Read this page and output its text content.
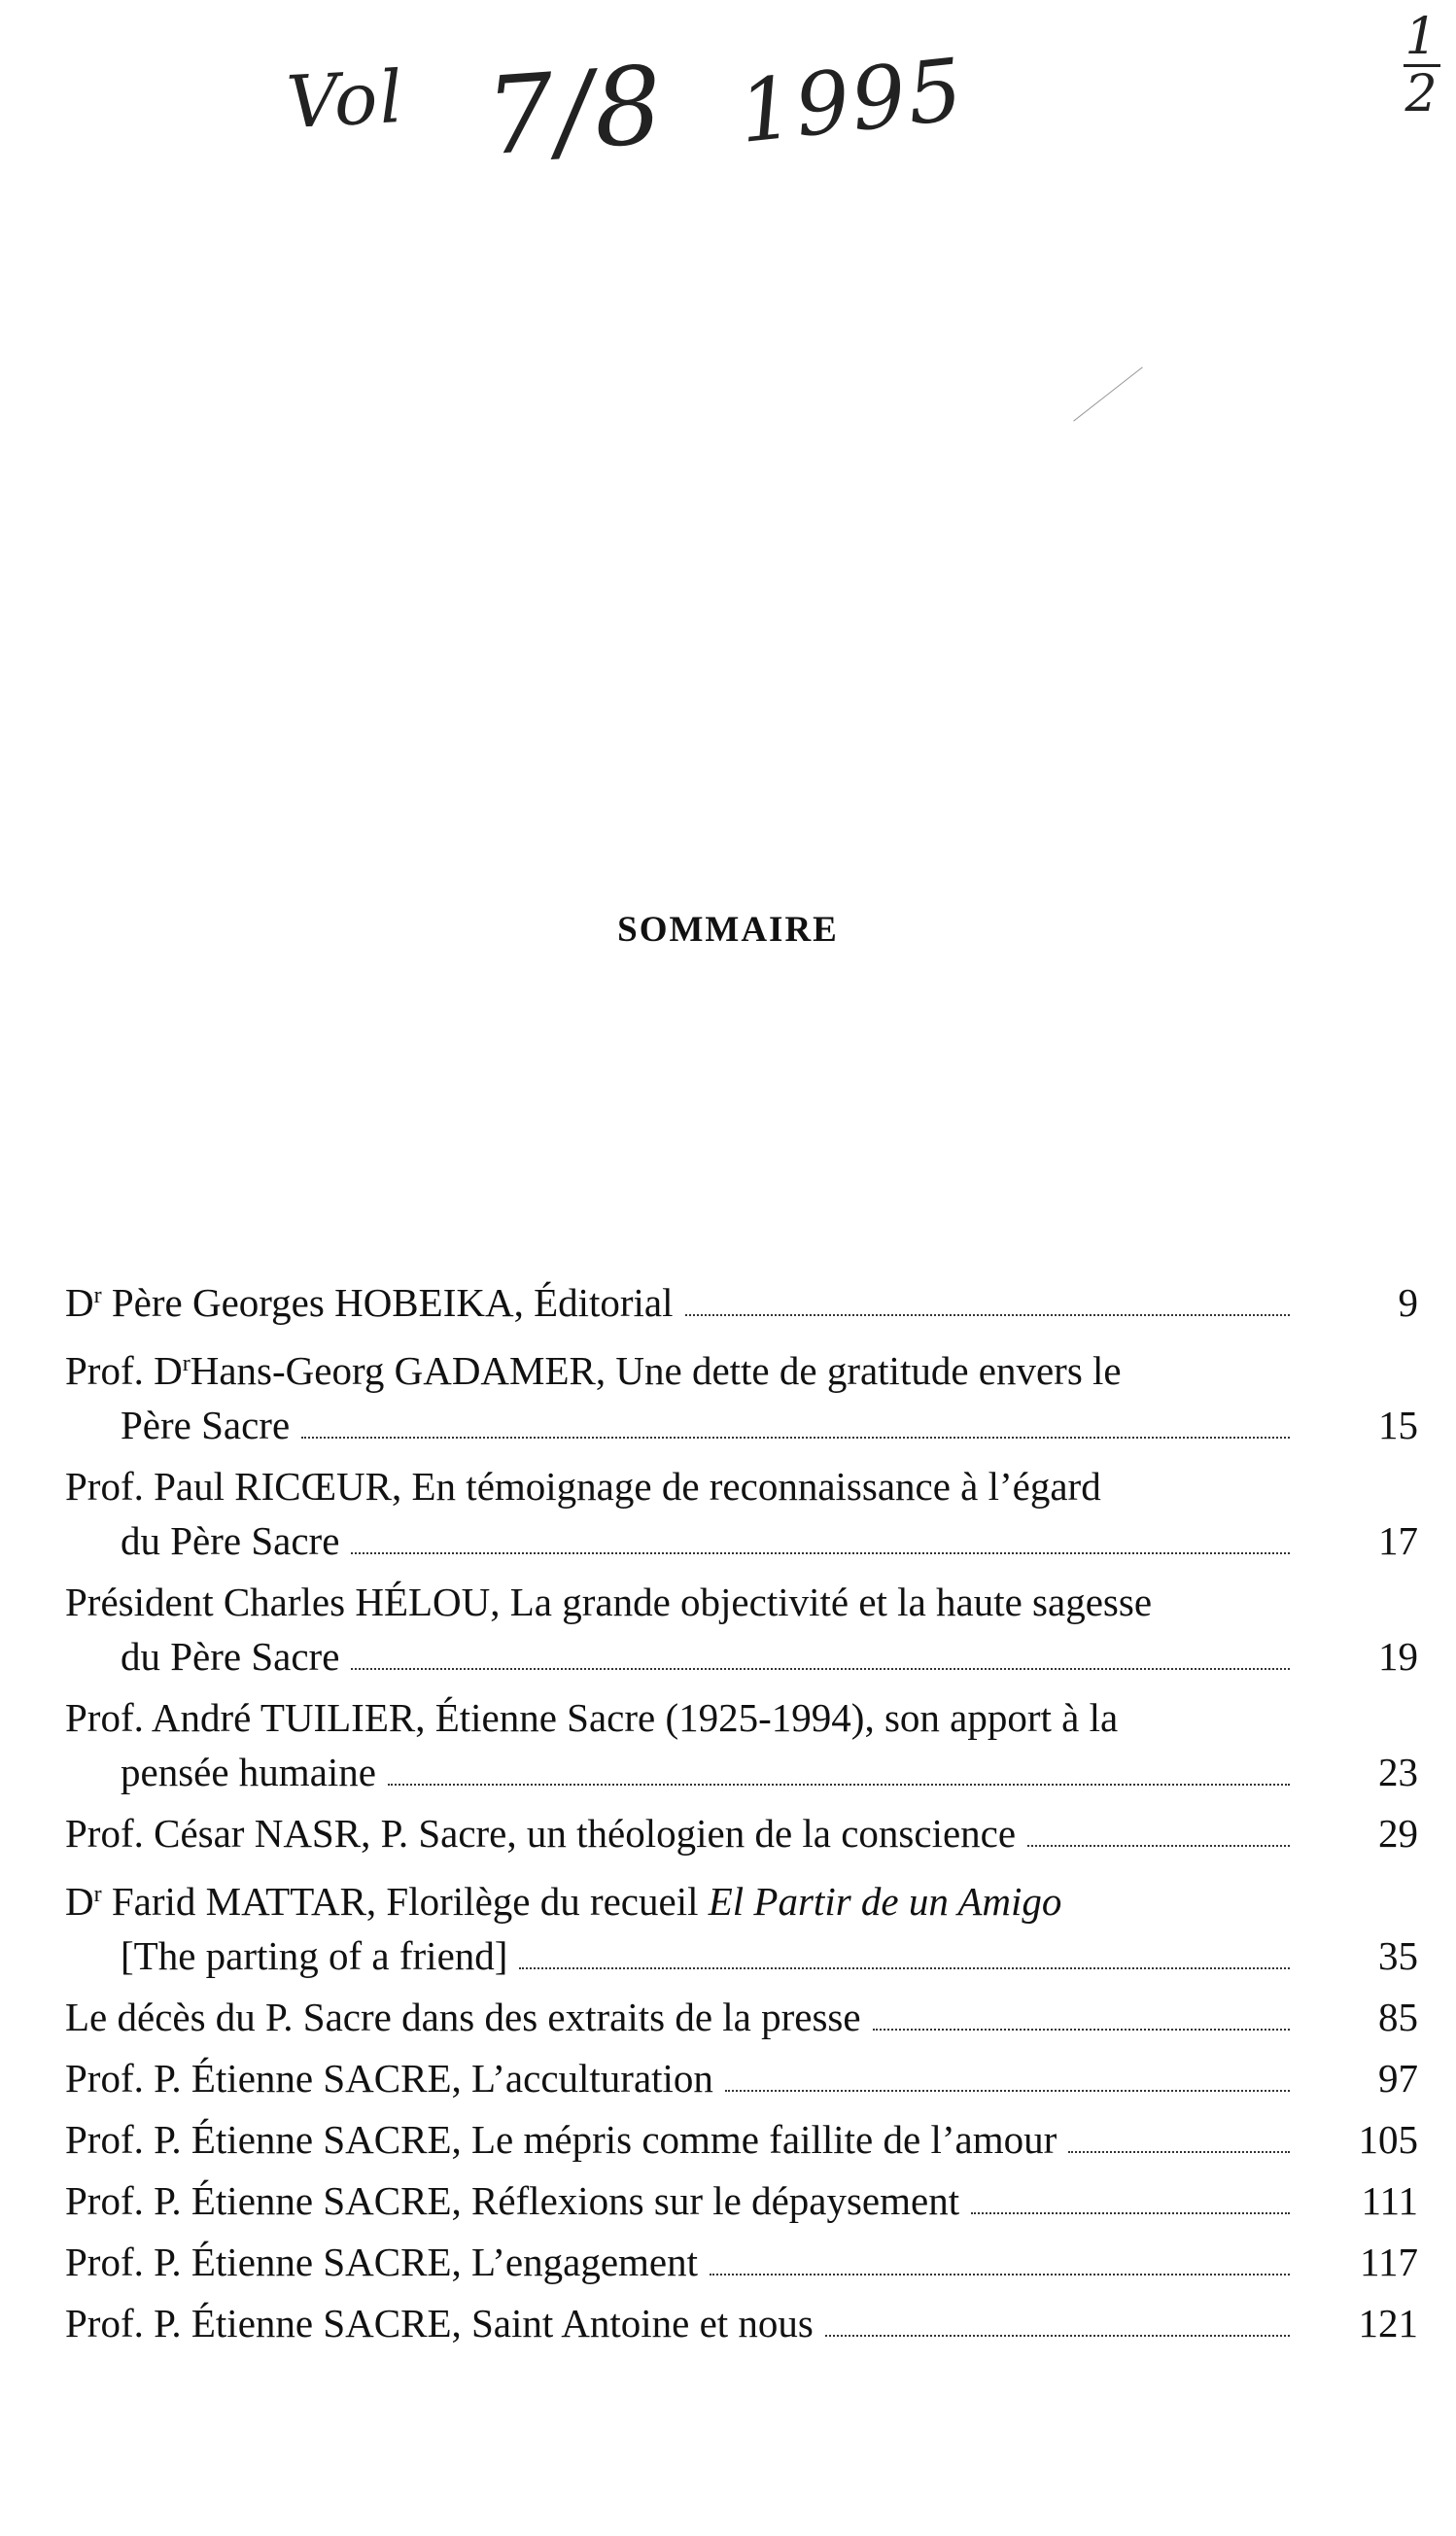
Vol 7/8 1995
1
2
SOMMAIRE
$D^r$ Père Georges HOBEIKA, Éditorial	9
Prof. $D^rHans$-Georg GADAMER, Une dette de gratitude envers le
Père Sacre	15
Prof. Paul RICŒUR, En témoignage de reconnaissance à l’égard
du Père Sacre	17
Président Charles HÉLOU, La grande objectivité et la haute sagesse
du Père Sacre	19
Prof. André TUILIER, Étienne Sacre (1925-1994), son apport à la
pensée humaine	23
Prof. César NASR, P. Sacre, un théologien de la conscience	29
$D^r$ Farid MATTAR, Florilège du recueil El Partir de un Amigo
[The parting of a friend]	35
Le décès du P. Sacre dans des extraits de la presse	85
Prof. P. Étienne SACRE, L’acculturation	97
Prof. P. Étienne SACRE, Le mépris comme faillite de l’amour	105
Prof. P. Étienne SACRE, Réflexions sur le dépaysement	111
Prof. P. Étienne SACRE, L’engagement	117
Prof. P. Étienne SACRE, Saint Antoine et nous	121
